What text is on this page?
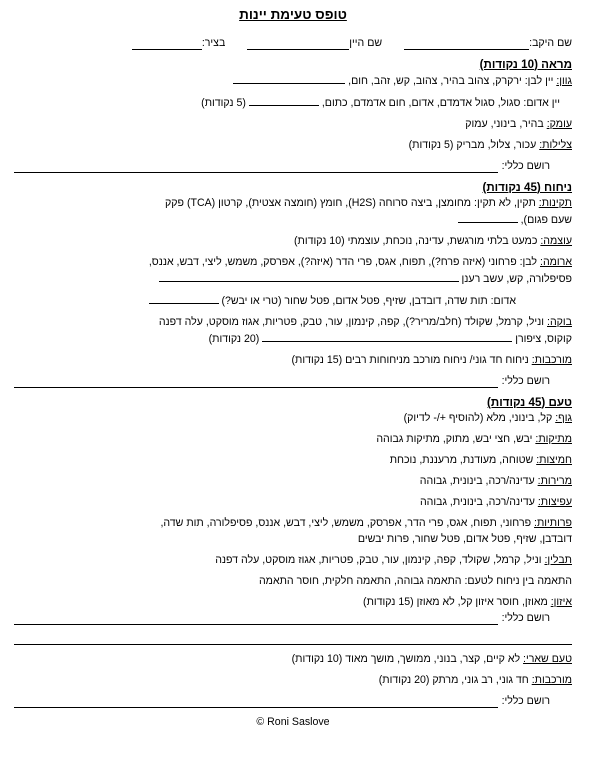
טופס טעימת יינות
שם היקב:
שם היין
בציר:
מראה (10 נקודות)
גוון: יין לבן: ירקרק, צהוב בהיר, צהוב, קש, זהב, חום,
יין אדום: סגול, סגול אדמדם, אדום, חום אדמדם, כתום,  (5 נקודות)
עומק: בהיר, בינוני, עמוק
צלילות: עכור, צלול, מבריק (5 נקודות)
רושם כללי:
ניחוח (45 נקודות)
תקינות: תקין, לא תקין: מחומצן, ביצה סרוחה (H2S), חומץ (חומצה אצטית), קרטון (TCA) פקק
שעם פגום),
עוצמה: כמעט בלתי מורגשת, עדינה, נוכחת, עוצמתי (10 נקודות)
ארומה: לבן: פרחוני (איזה פרח?), תפוח, אגס, פרי הדר (איזה?), אפרסק, משמש, ליצי, דבש, אננס,
פסיפלורה, קש, עשב רענן
אדום: תות שדה, דובדבן, שזיף, פטל אדום, פטל שחור (טרי או יבש?)
בוקה: וניל, קרמל, שקולד (חלב/מריר?), קפה, קינמון, עור, טבק, פטריות, אגוז מוסקט, עלה דפנה
קוקוס, ציפורן  (20 נקודות)
מורכבות: ניחוח חד גוני/ ניחוח מורכב מניחוחות רבים (15 נקודות)
רושם כללי:
טעם (45 נקודות)
גוף: קל, בינוני, מלא (להוסיף +/- לדיוק)
מתיקות: יבש, חצי יבש, מתוק, מתיקות גבוהה
חמיצות: שטוחה, מעודנת, מרעננת, נוכחת
מרירות: עדינה/רכה, בינונית, גבוהה
עפיצות: עדינה/רכה, בינונית, גבוהה
פרותיות: פרחוני, תפוח, אגס, פרי הדר, אפרסק, משמש, ליצי, דבש, אננס, פסיפלורה, תות שדה,
דובדבן, שזיף, פטל אדום, פטל שחור, פרות יבשים
תבלין: וניל, קרמל, שקולד, קפה, קינמון, עור, טבק, פטריות, אגוז מוסקט, עלה דפנה
התאמה בין ניחוח לטעם: התאמה גבוהה, התאמה חלקית, חוסר התאמה
איזון: מאוזן, חוסר איזון קל, לא מאוזן (15 נקודות)
רושם כללי:
טעם שארי: לא קיים, קצר, בנוני, ממושך, מושך מאוד (10 נקודות)
מורכבות: חד גוני, רב גוני, מרתק (20 נקודות)
רושם כללי:
© Roni Saslove
